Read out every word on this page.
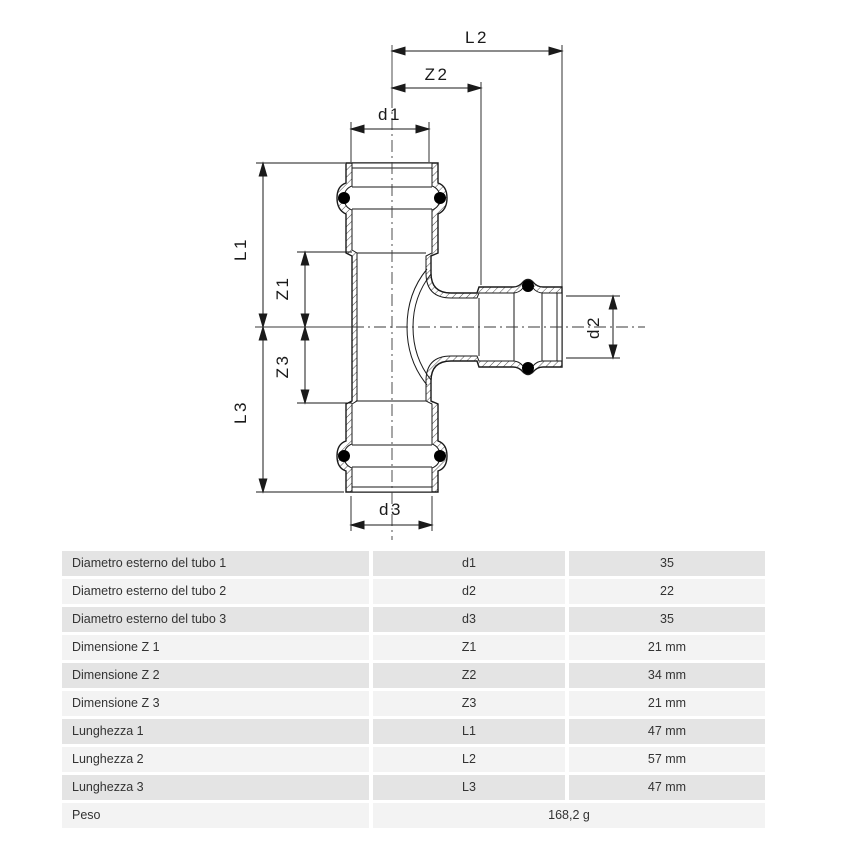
L2
Z2
d1
L1
Z1
Z3
L3
d2
d3
Diametro esterno del tubo 1	d1	35
Diametro esterno del tubo 2	d2	22
Diametro esterno del tubo 3	d3	35
Dimensione Z 1	Z1	21 mm
Dimensione Z 2	Z2	34 mm
Dimensione Z 3	Z3	21 mm
Lunghezza 1	L1	47 mm
Lunghezza 2	L2	57 mm
Lunghezza 3	L3	47 mm
Peso	168,2 g
